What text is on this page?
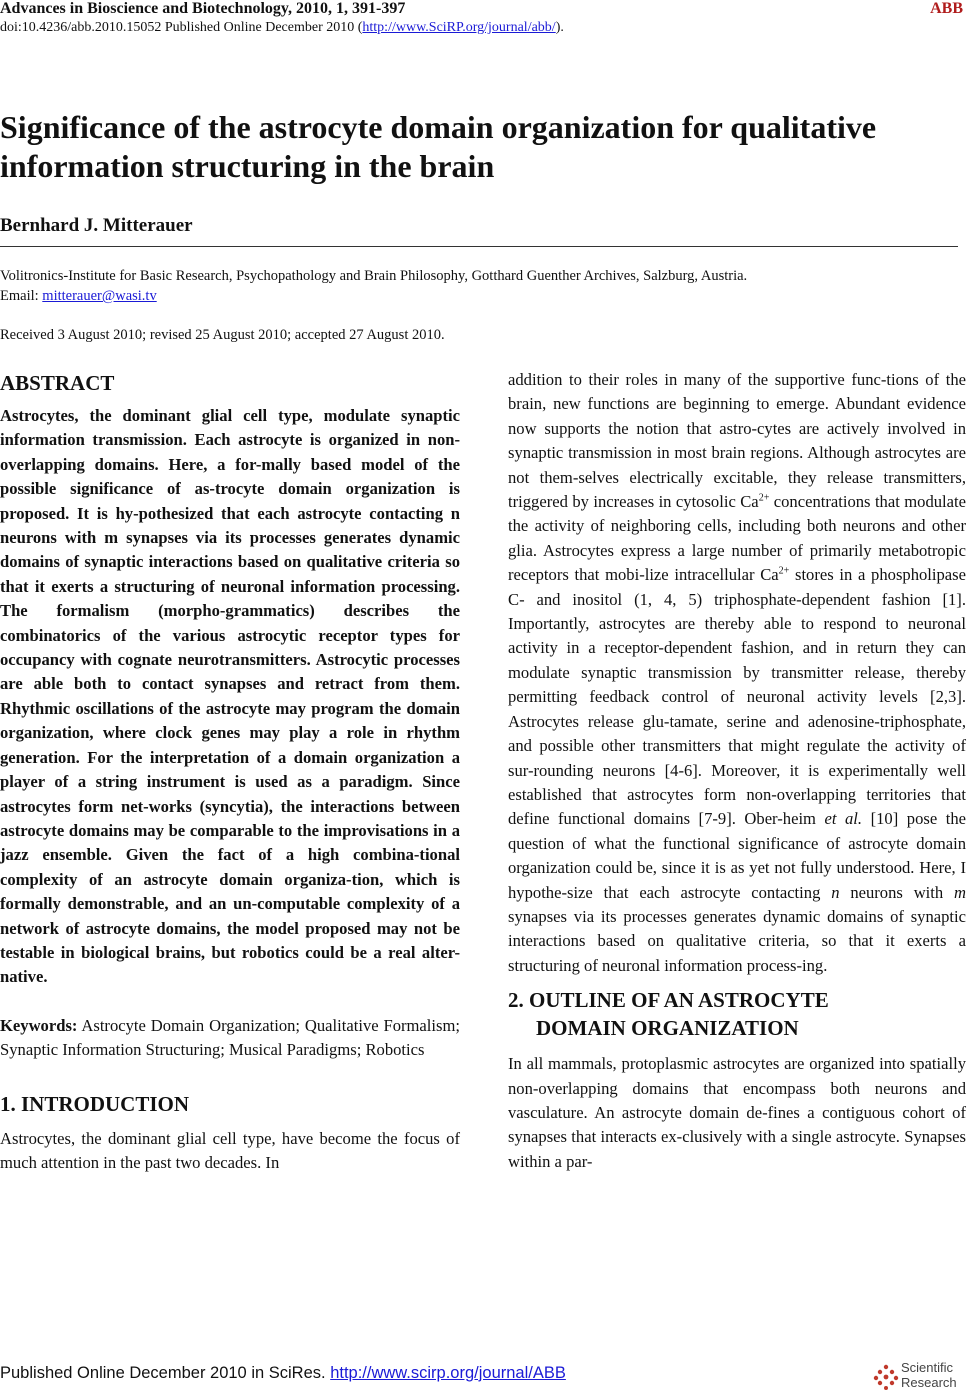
Advances in Bioscience and Biotechnology, 2010, 1, 391-397	ABB
doi:10.4236/abb.2010.15052 Published Online December 2010 (http://www.SciRP.org/journal/abb/).
Significance of the astrocyte domain organization for qualitative information structuring in the brain
Bernhard J. Mitterauer
Volitronics-Institute for Basic Research, Psychopathology and Brain Philosophy, Gotthard Guenther Archives, Salzburg, Austria.
Email: mitterauer@wasi.tv
Received 3 August 2010; revised 25 August 2010; accepted 27 August 2010.
ABSTRACT

Astrocytes, the dominant glial cell type, modulate synaptic information transmission. Each astrocyte is organized in non-overlapping domains. Here, a for-mally based model of the possible significance of as-trocyte domain organization is proposed. It is hy-pothesized that each astrocyte contacting n neurons with m synapses via its processes generates dynamic domains of synaptic interactions based on qualitative criteria so that it exerts a structuring of neuronal information processing. The formalism (morpho-grammatics) describes the combinatorics of the various astrocytic receptor types for occupancy with cognate neurotransmitters. Astrocytic processes are able both to contact synapses and retract from them. Rhythmic oscillations of the astrocyte may program the domain organization, where clock genes may play a role in rhythm generation. For the interpretation of a domain organization a player of a string instrument is used as a paradigm. Since astrocytes form net-works (syncytia), the interactions between astrocyte domains may be comparable to the improvisations in a jazz ensemble. Given the fact of a high combina-tional complexity of an astrocyte domain organiza-tion, which is formally demonstrable, and an un-computable complexity of a network of astrocyte domains, the model proposed may not be testable in biological brains, but robotics could be a real alter-native.

Keywords: Astrocyte Domain Organization; Qualitative Formalism; Synaptic Information Structuring; Musical Paradigms; Robotics

1. INTRODUCTION

Astrocytes, the dominant glial cell type, have become the focus of much attention in the past two decades. In

addition to their roles in many of the supportive func-tions of the brain, new functions are beginning to emerge. Abundant evidence now supports the notion that astro-cytes are actively involved in synaptic transmission in most brain regions. Although astrocytes are not them-selves electrically excitable, they release transmitters, triggered by increases in cytosolic $Ca^{2+}$ concentrations that modulate the activity of neighboring cells, including both neurons and other glia. Astrocytes express a large number of primarily metabotropic receptors that mobi-lize intracellular $Ca^{2+}$ stores in a phospholipase C- and inositol (1, 4, 5) triphosphate-dependent fashion [1]. Importantly, astrocytes are thereby able to respond to neuronal activity in a receptor-dependent fashion, and in return they can modulate synaptic transmission by transmitter release, thereby permitting feedback control of neuronal activity levels [2,3]. Astrocytes release glu-tamate, serine and adenosine-triphosphate, and possible other transmitters that might regulate the activity of sur-rounding neurons [4-6]. Moreover, it is experimentally well established that astrocytes form non-overlapping territories that define functional domains [7-9]. Ober-heim et al. [10] pose the question of what the functional significance of astrocyte domain organization could be, since it is as yet not fully understood. Here, I hypothe-size that each astrocyte contacting n neurons with m synapses via its processes generates dynamic domains of synaptic interactions based on qualitative criteria, so that it exerts a structuring of neuronal information process-ing.

2. OUTLINE OF AN ASTROCYTE
DOMAIN ORGANIZATION

In all mammals, protoplasmic astrocytes are organized into spatially non-overlapping domains that encompass both neurons and vasculature. An astrocyte domain de-fines a contiguous cohort of synapses that interacts ex-clusively with a single astrocyte. Synapses within a par-

Published Online December 2010 in SciRes. http://www.scirp.org/journal/ABB	Scientific
Research
